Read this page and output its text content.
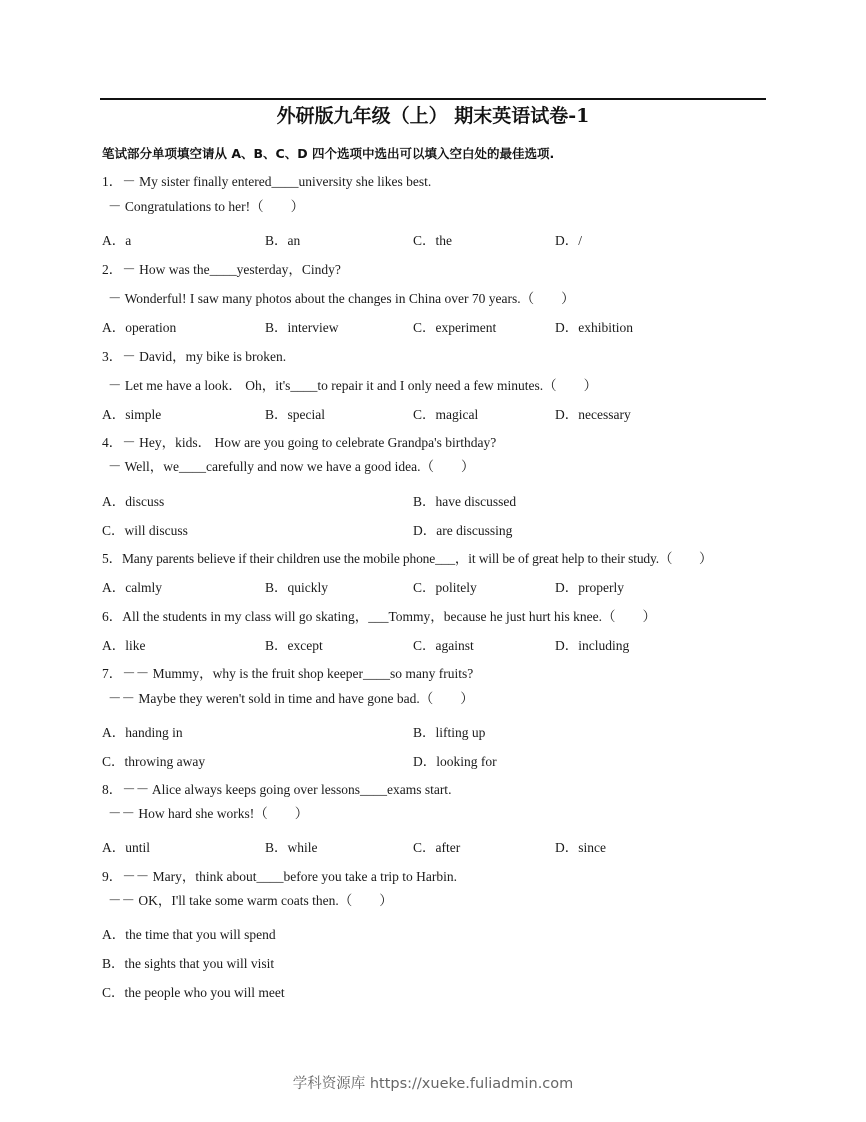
外研版九年级（上） 期末英语试卷-1
笔试部分单项填空请从 A、B、C、D 四个选项中选出可以填入空白处的最佳选项.
1．－ My sister finally entered____university she likes best.
－ Congratulations to her!（　　）
A．a	B．an	C．the	D．/
2．－ How was the____yesterday，Cindy?
－ Wonderful! I saw many photos about the changes in China over 70 years.（　　）
A．operation	B．interview	C．experiment	D．exhibition
3．－ David，my bike is broken.
－ Let me have a look． Oh，it's____to repair it and I only need a few minutes.（　　）
A．simple	B．special	C．magical	D．necessary
4．－ Hey，kids． How are you going to celebrate Grandpa's birthday?
－ Well，we____carefully and now we have a good idea.（　　）
A．discuss	B．have discussed
C．will discuss	D．are discussing
5．Many parents believe if their children use the mobile phone___，it will be of great help to their study.（　　）
A．calmly	B．quickly	C．politely	D．properly
6．All the students in my class will go skating，___Tommy，because he just hurt his knee.（　　）
A．like	B．except	C．against	D．including
7．－－ Mummy，why is the fruit shop keeper____so many fruits?
－－ Maybe they weren't sold in time and have gone bad.（　　）
A．handing in	B．lifting up
C．throwing away	D．looking for
8．－－ Alice always keeps going over lessons____exams start.
－－ How hard she works!（　　）
A．until	B．while	C．after	D．since
9．－－ Mary，think about____before you take a trip to Harbin.
－－ OK，I'll take some warm coats then.（　　）
A．the time that you will spend
B．the sights that you will visit
C．the people who you will meet
学科资源库 https://xueke.fuliadmin.com
